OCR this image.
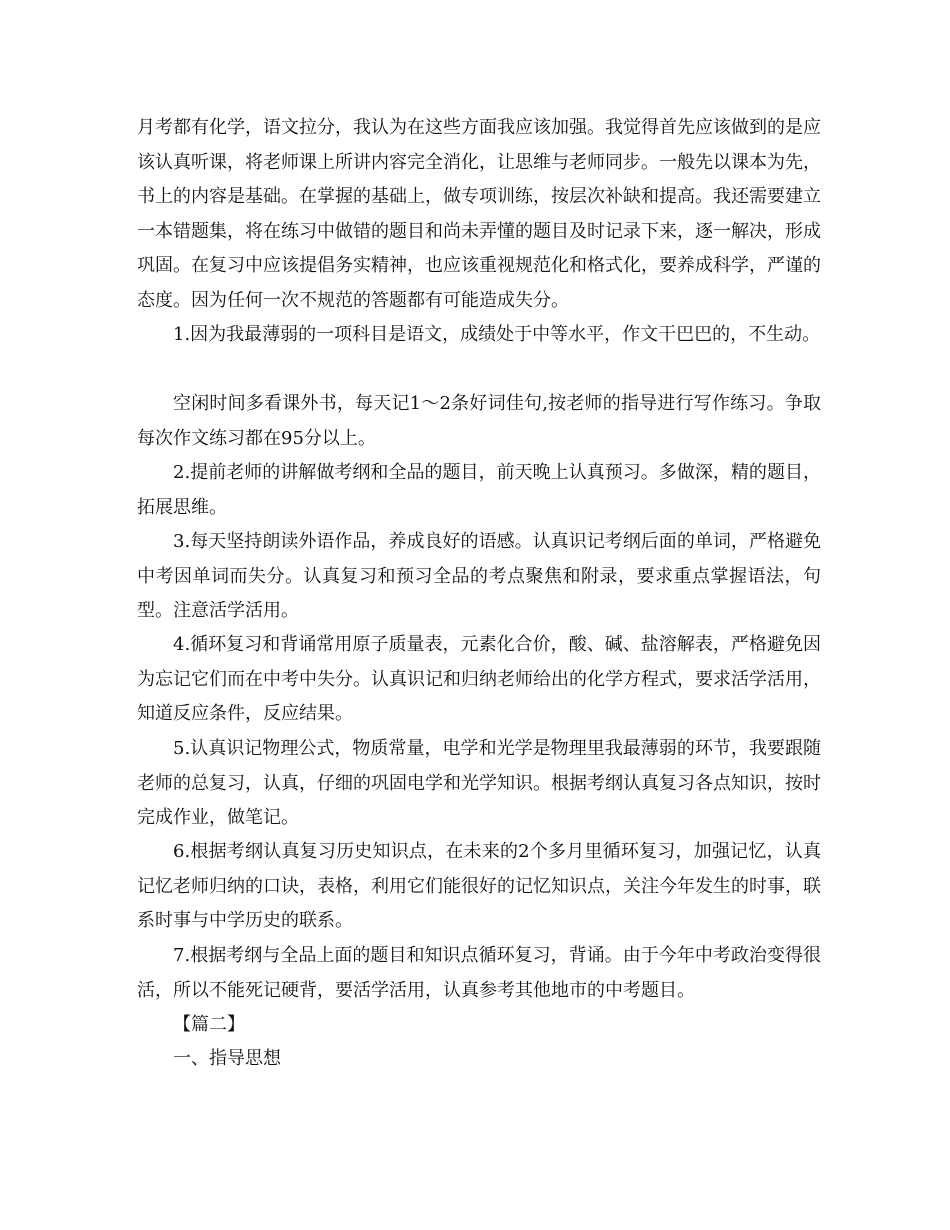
月考都有化学，语文拉分，我认为在这些方面我应该加强。我觉得首先应该做到的是应该认真听课，将老师课上所讲内容完全消化，让思维与老师同步。一般先以课本为先，书上的内容是基础。在掌握的基础上，做专项训练，按层次补缺和提高。我还需要建立一本错题集，将在练习中做错的题目和尚未弄懂的题目及时记录下来，逐一解决，形成巩固。在复习中应该提倡务实精神，也应该重视规范化和格式化，要养成科学，严谨的态度。因为任何一次不规范的答题都有可能造成失分。

1.因为我最薄弱的一项科目是语文，成绩处于中等水平，作文干巴巴的，不生动。

空闲时间多看课外书，每天记1～2条好词佳句,按老师的指导进行写作练习。争取每次作文练习都在95分以上。

2.提前老师的讲解做考纲和全品的题目，前天晚上认真预习。多做深，精的题目，拓展思维。

3.每天坚持朗读外语作品，养成良好的语感。认真识记考纲后面的单词，严格避免中考因单词而失分。认真复习和预习全品的考点聚焦和附录，要求重点掌握语法，句型。注意活学活用。

4.循环复习和背诵常用原子质量表，元素化合价，酸、碱、盐溶解表，严格避免因为忘记它们而在中考中失分。认真识记和归纳老师给出的化学方程式，要求活学活用，知道反应条件，反应结果。

5.认真识记物理公式，物质常量，电学和光学是物理里我最薄弱的环节，我要跟随老师的总复习，认真，仔细的巩固电学和光学知识。根据考纲认真复习各点知识，按时完成作业，做笔记。

6.根据考纲认真复习历史知识点，在未来的2个多月里循环复习，加强记忆，认真记忆老师归纳的口诀，表格，利用它们能很好的记忆知识点，关注今年发生的时事，联系时事与中学历史的联系。

7.根据考纲与全品上面的题目和知识点循环复习，背诵。由于今年中考政治变得很活，所以不能死记硬背，要活学活用，认真参考其他地市的中考题目。

【篇二】

一、指导思想
